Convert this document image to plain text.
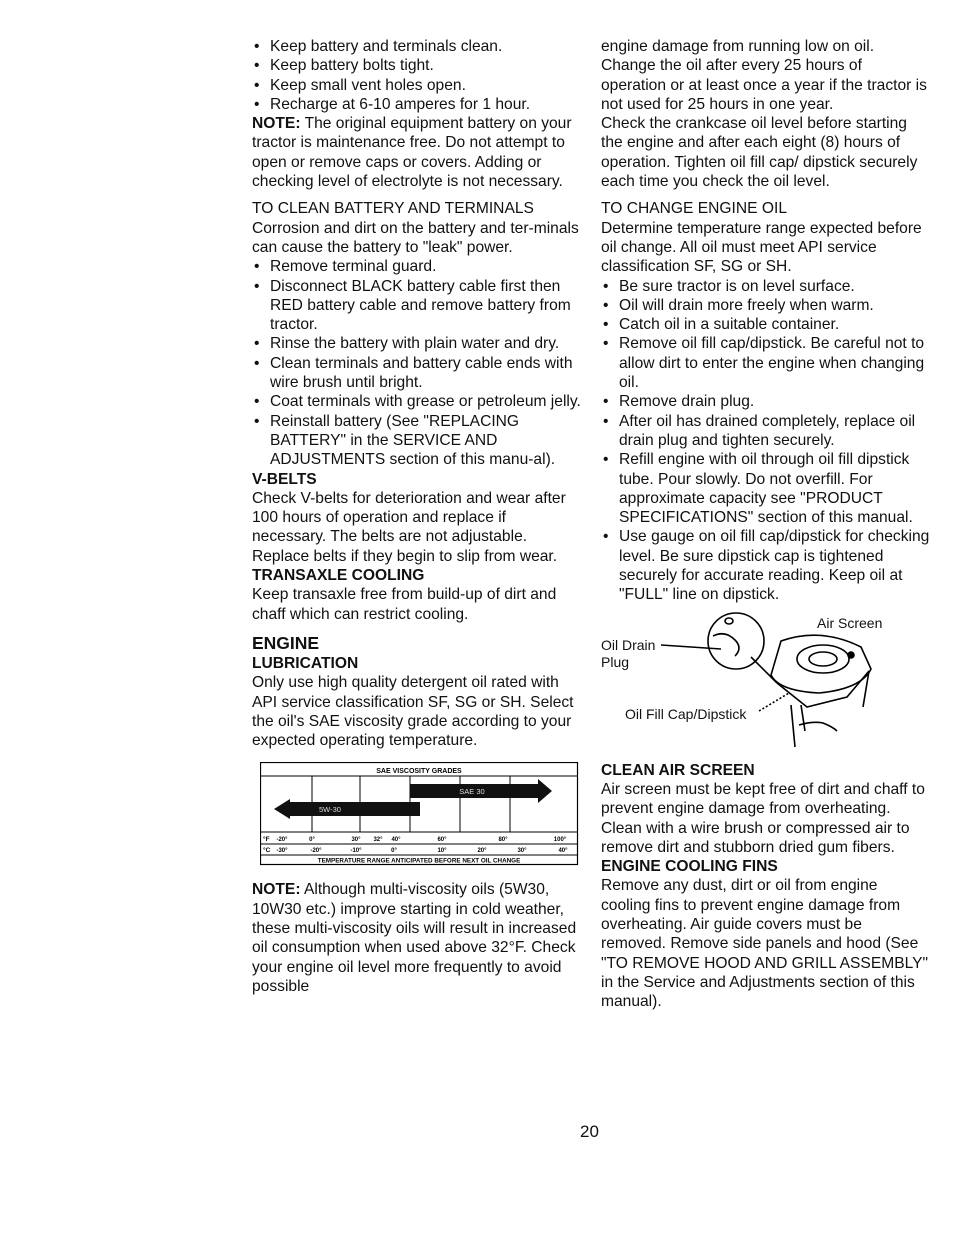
• Keep battery and terminals clean.

• Keep battery bolts tight.

• Keep small vent holes open.

• Recharge at 6-10 amperes for 1 hour.

NOTE: The original equipment battery on your tractor is maintenance free. Do not attempt to open or remove caps or covers. Adding or checking level of electrolyte is not necessary.

TO CLEAN BATTERY AND TERMINALS

Corrosion and dirt on the battery and ter-minals can cause the battery to "leak" power.

• Remove terminal guard.

• Disconnect BLACK battery cable first then RED battery cable and remove battery from tractor.

• Rinse the battery with plain water and dry.

• Clean terminals and battery cable ends with wire brush until bright.

• Coat terminals with grease or petroleum jelly.

• Reinstall battery (See "REPLACING BATTERY" in the SERVICE AND ADJUSTMENTS section of this manu-al).

V-BELTS

Check V-belts for deterioration and wear after 100 hours of operation and replace if necessary. The belts are not adjustable. Replace belts if they begin to slip from wear.

TRANSAXLE COOLING

Keep transaxle free from build-up of dirt and chaff which can restrict cooling.

ENGINE

LUBRICATION

Only use high quality detergent oil rated with API service classification SF, SG or SH. Select the oil's SAE viscosity grade according to your expected operating temperature.

SAE VISCOSITY GRADES
SAE 30
5W-30
°F
°C
-20°	0°	30° 32° 40°	60°	80°	100°
-30°	-20°	-10°	0°	10°	20°	30°	40°
TEMPERATURE RANGE ANTICIPATED BEFORE NEXT OIL CHANGE

NOTE: Although multi-viscosity oils (5W30, 10W30 etc.) improve starting in cold weather, these multi-viscosity oils will result in increased oil consumption when used above 32°F. Check your engine oil level more frequently to avoid possible

engine damage from running low on oil. Change the oil after every 25 hours of operation or at least once a year if the tractor is not used for 25 hours in one year.

Check the crankcase oil level before starting the engine and after each eight (8) hours of operation. Tighten oil fill cap/ dipstick securely each time you check the oil level.

TO CHANGE ENGINE OIL

Determine temperature range expected before oil change. All oil must meet API service classification SF, SG or SH.

• Be sure tractor is on level surface.

• Oil will drain more freely when warm.

• Catch oil in a suitable container.

• Remove oil fill cap/dipstick. Be careful not to allow dirt to enter the engine when changing oil.

• Remove drain plug.

• After oil has drained completely, replace oil drain plug and tighten securely.

• Refill engine with oil through oil fill dipstick tube. Pour slowly. Do not overfill. For approximate capacity see "PRODUCT SPECIFICATIONS" section of this manual.

• Use gauge on oil fill cap/dipstick for checking level. Be sure dipstick cap is tightened securely for accurate reading. Keep oil at "FULL" line on dipstick.

Air Screen
Oil Drain
Plug
Oil Fill Cap/Dipstick

CLEAN AIR SCREEN

Air screen must be kept free of dirt and chaff to prevent engine damage from overheating. Clean with a wire brush or compressed air to remove dirt and stubborn dried gum fibers.

ENGINE COOLING FINS

Remove any dust, dirt or oil from engine cooling fins to prevent engine damage from overheating. Air guide covers must be removed. Remove side panels and hood (See "TO REMOVE HOOD AND GRILL ASSEMBLY" in the Service and Adjustments section of this manual).

20
